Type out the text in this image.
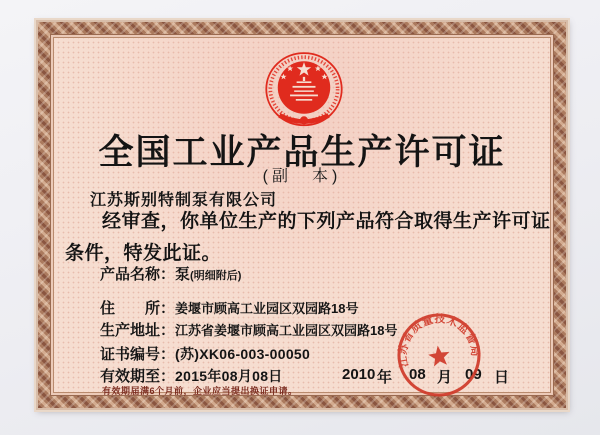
全国工业产品生产许可证
(副　本)
江苏斯别特制泵有限公司
经审查，你单位生产的下列产品符合取得生产许可证
条件，特发此证。
产品名称：泵(明细附后)
住　　所：姜堰市顾高工业园区双园路18号
生产地址：江苏省姜堰市顾高工业园区双园路18号
证书编号：(苏)XK06-003-00050
有效期至：2015年08月08日
有效期届满6个月前，企业应当提出换证申请。
2010 年 08 月 09 日
江苏省质量技术监督局
